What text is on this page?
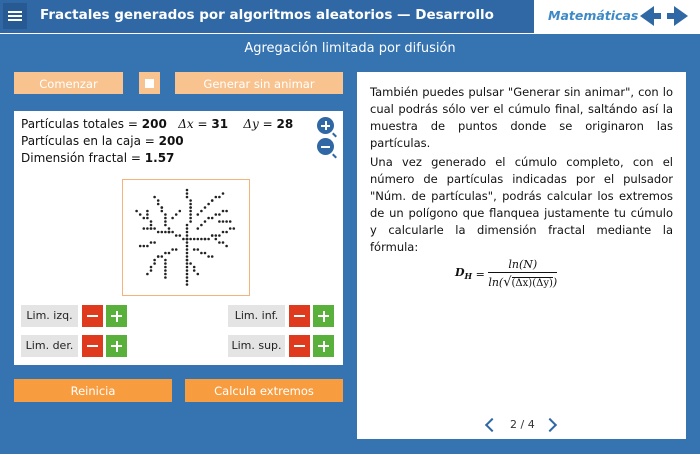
Fractales generados por algoritmos aleatorios — Desarrollo	Matemáticas
Agregación limitada por difusión
Comenzar	Generar sin animar
Partículas totales = 200 Δx = 31 Δy = 28
Partículas en la caja = 200
Dimensión fractal = 1.57
Lim. izq.	Lim. inf.
Lim. der.	Lim. sup.
Reinicia	Calcula extremos
También puedes pulsar "Generar sin animar", con lo cual podrás sólo ver el cúmulo final, saltándo así la muestra de puntos donde se originaron las partículas.
Una vez generado el cúmulo completo, con el número de partículas indicadas por el pulsador "Núm. de partículas", podrás calcular los extremos de un polígono que flanquea justamente tu cúmulo y calcularle la dimensión fractal mediante la fórmula:
$D_H = \frac{\ln(N)}{\ln(√(\Delta x)(\Delta y))}$
2 / 4
